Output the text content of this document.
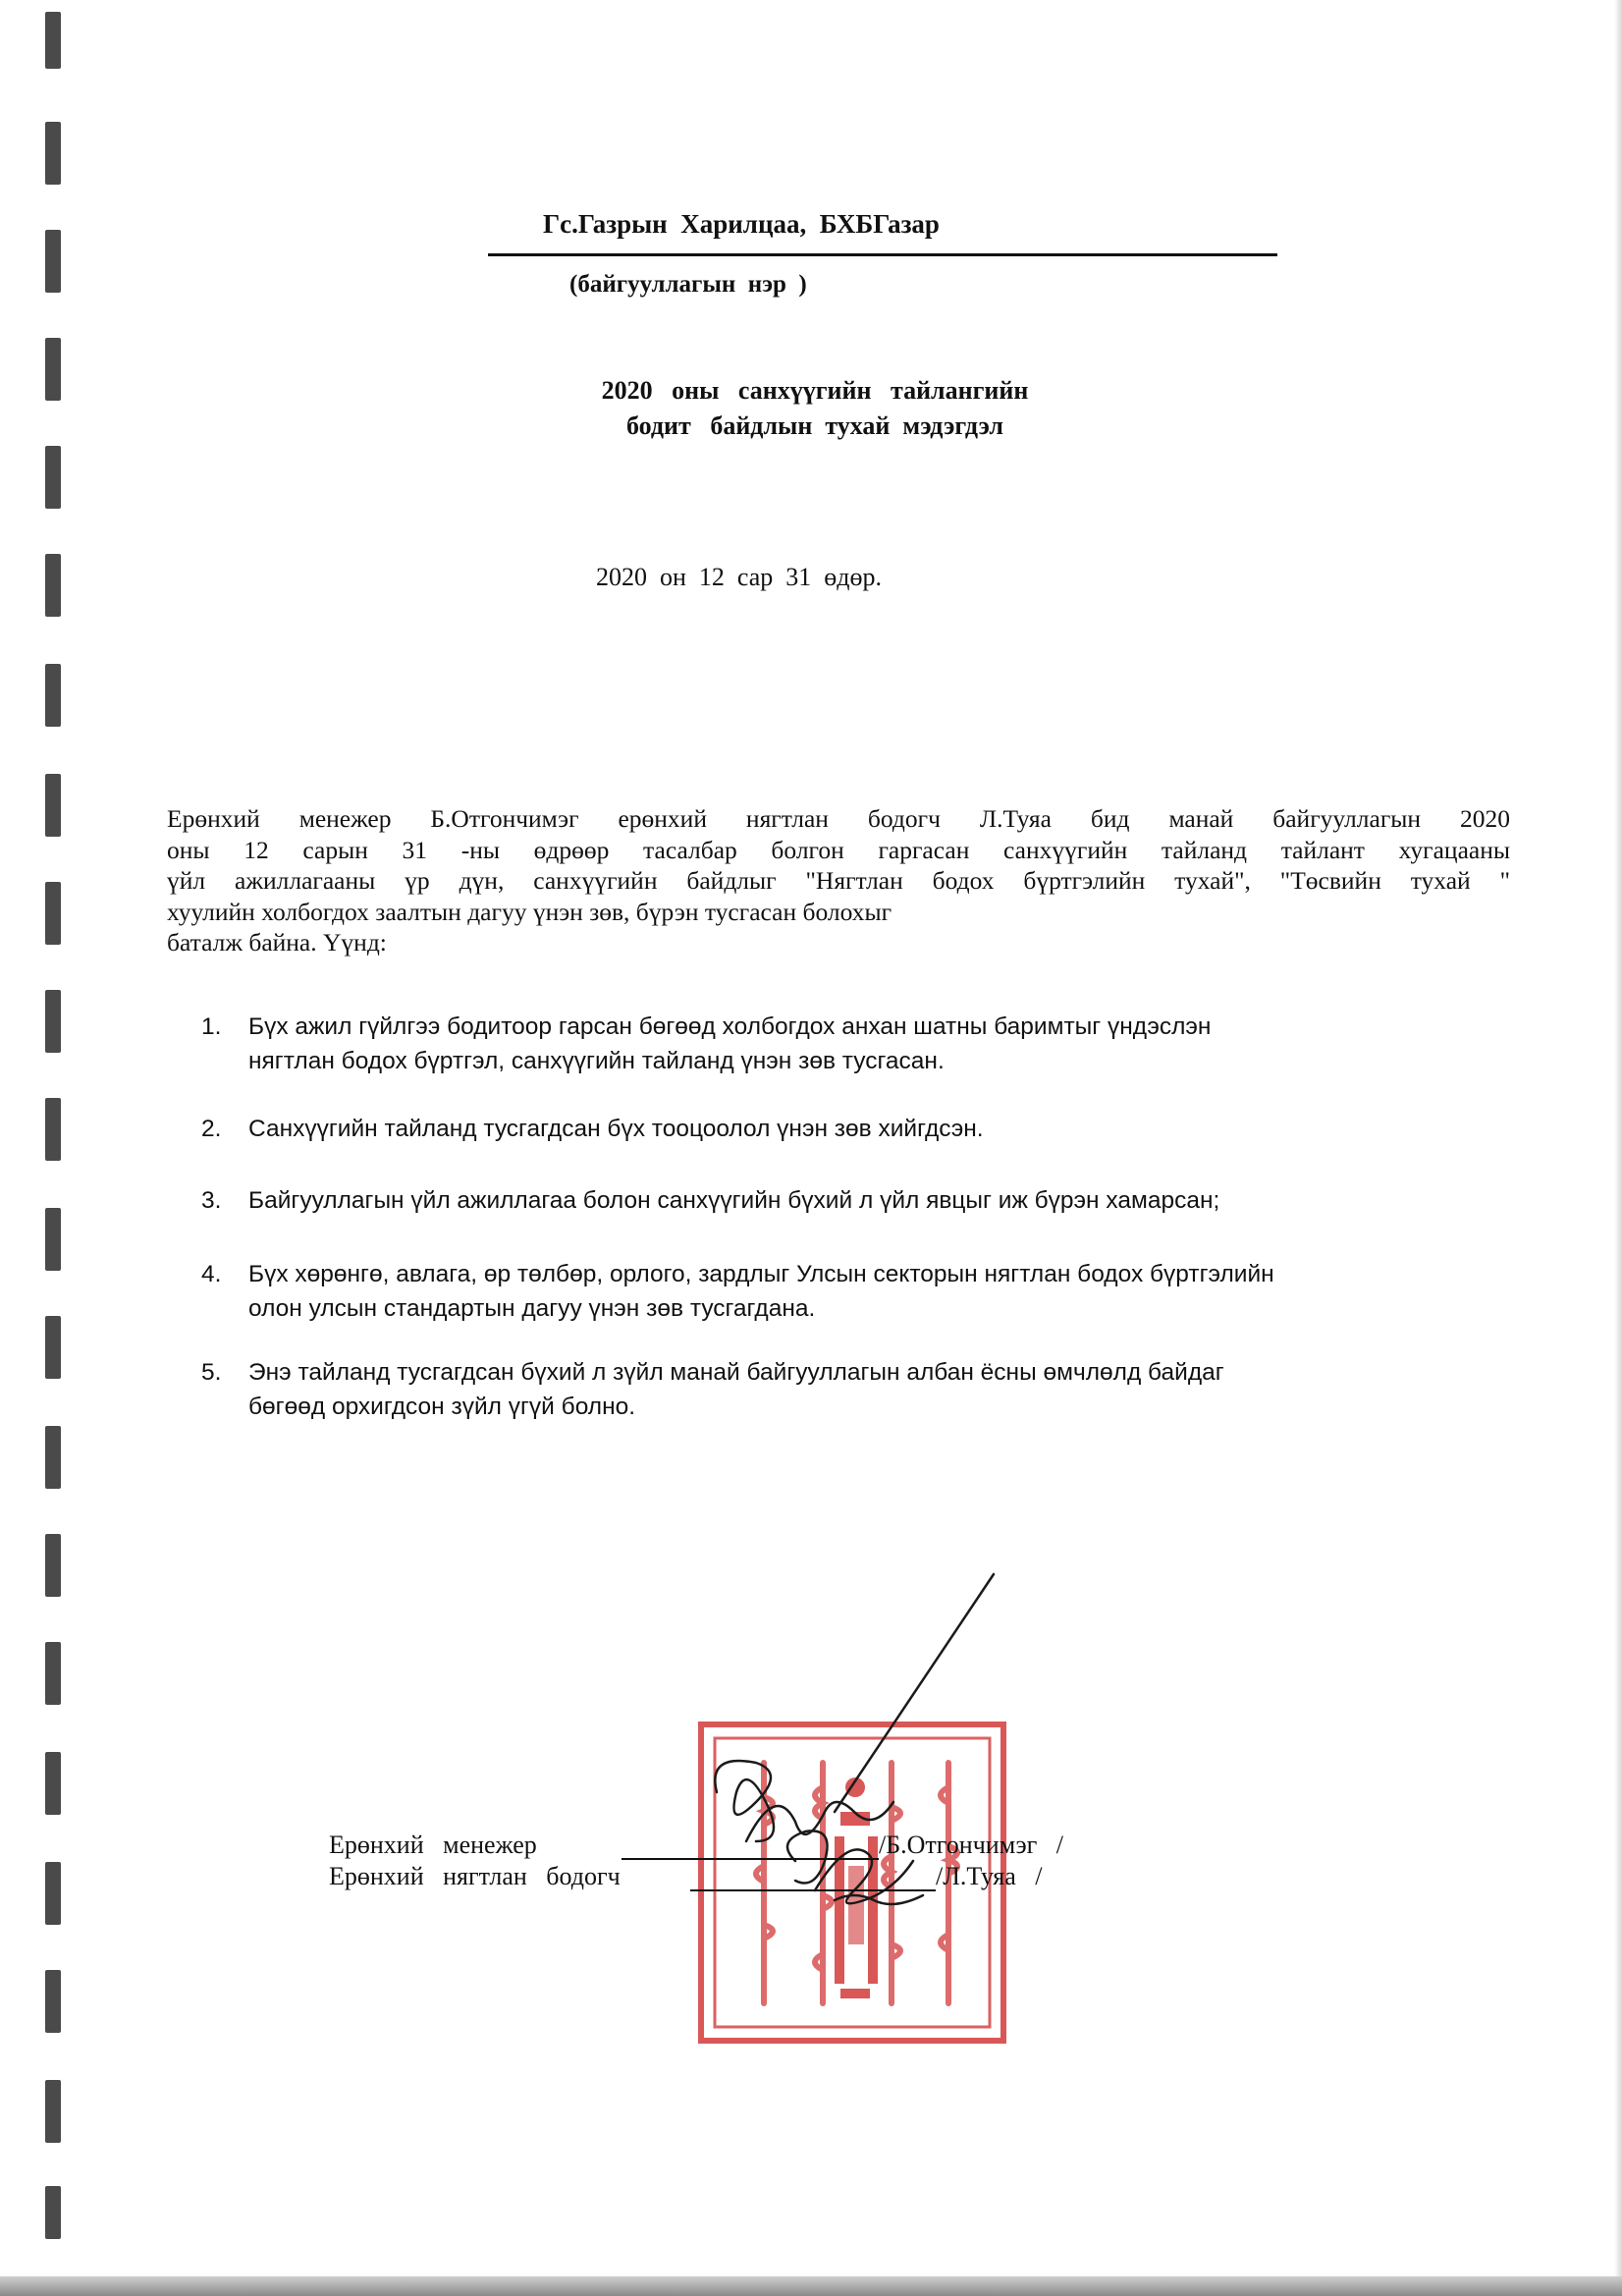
Гс.Газрын  Харилцаа,  БХБГазар
(байгууллагын  нэр  )
2020   оны   санхүүгийн   тайлангийн
бодит   байдлын  тухай  мэдэгдэл
2020  он  12  сар  31  өдөр.
Ерөнхий менежер Б.Отгончимэг ерөнхий нягтлан бодогч Л.Туяа бид манай байгууллагын 2020
оны 12 сарын 31 -ны өдрөөр тасалбар болгон гаргасан санхүүгийн тайланд тайлант хугацааны
үйл ажиллагааны үр дүн, санхүүгийн байдлыг "Нягтлан бодох бүртгэлийн тухай", "Төсвийн тухай "
хуулийн холбогдох заалтын дагуу үнэн зөв, бүрэн тусгасан болохыг
баталж байна. Үүнд:
1. Бүх ажил гүйлгээ бодитоор гарсан бөгөөд холбогдох анхан шатны баримтыг үндэслэн
нягтлан бодох бүртгэл, санхүүгийн тайланд үнэн зөв тусгасан.
2. Санхүүгийн тайланд тусгагдсан бүх тооцоолол үнэн зөв хийгдсэн.
3. Байгууллагын үйл ажиллагаа болон санхүүгийн бүхий л үйл явцыг иж бүрэн хамарсан;
4. Бүх хөрөнгө, авлага, өр төлбөр, орлого, зардлыг Улсын секторын нягтлан бодох бүртгэлийн
олон улсын стандартын дагуу үнэн зөв тусгагдана.
5. Энэ тайланд тусгагдсан бүхий л зүйл манай байгууллагын албан ёсны өмчлөлд байдаг
бөгөөд орхигдсон зүйл үгүй болно.
Ерөнхий   менежер	/Б.Отгончимэг   /
Ерөнхий   нягтлан   бодогч	/Л.Туяа   /
